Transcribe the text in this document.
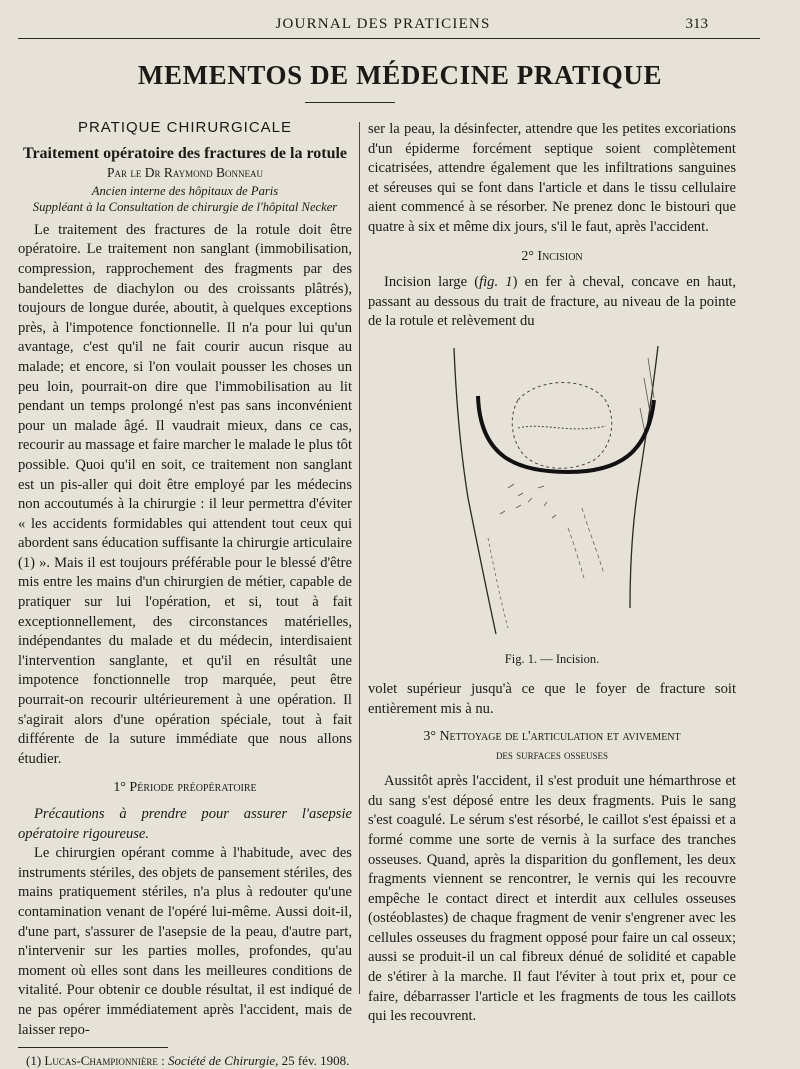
JOURNAL DES PRATICIENS	313
MEMENTOS DE MÉDECINE PRATIQUE
PRATIQUE CHIRURGICALE

Traitement opératoire des fractures de la rotule

Par le Dr Raymond Bonneau

Ancien interne des hôpitaux de Paris

Suppléant à la Consultation de chirurgie de l'hôpital Necker

Le traitement des fractures de la rotule doit être opératoire. Le traitement non sanglant (immobilisation, compression, rapprochement des fragments par des bandelettes de diachylon ou des croissants plâtrés), toujours de longue durée, aboutit, à quelques exceptions près, à l'impotence fonctionnelle. Il n'a pour lui qu'un avantage, c'est qu'il ne fait courir aucun risque au malade; et encore, si l'on voulait pousser les choses un peu loin, pourrait-on dire que l'immobilisation au lit pendant un temps prolongé n'est pas sans inconvénient pour un malade âgé. Il vaudrait mieux, dans ce cas, recourir au massage et faire marcher le malade le plus tôt possible. Quoi qu'il en soit, ce traitement non sanglant est un pis-aller qui doit être employé par les médecins non accoutumés à la chirurgie : il leur permettra d'éviter « les accidents formidables qui attendent tout ceux qui abordent sans éducation suffisante la chirurgie articulaire (1) ». Mais il est toujours préférable pour le blessé d'être mis entre les mains d'un chirurgien de métier, capable de pratiquer sur lui l'opération, et si, tout à fait exceptionnellement, des circonstances matérielles, indépendantes du malade et du médecin, interdisaient l'intervention sanglante, et qu'il en résultât une impotence fonctionnelle trop marquée, peut être pourrait-on recourir ultérieurement à une opération. Il s'agirait alors d'une opération spéciale, tout à fait différente de la suture immédiate que nous allons étudier.

1° Période préopératoire

Précautions à prendre pour assurer l'asepsie opératoire rigoureuse.

Le chirurgien opérant comme à l'habitude, avec des instruments stériles, des objets de pansement stériles, des mains pratiquement stériles, n'a plus à redouter qu'une contamination venant de l'opéré lui-même. Aussi doit-il, d'une part, s'assurer de l'asepsie de la peau, d'autre part, n'intervenir sur les parties molles, profondes, qu'au moment où elles sont dans les meilleures conditions de vitalité. Pour obtenir ce double résultat, il est indiqué de ne pas opérer immédiatement après l'accident, mais de laisser repo-

(1) Lucas-Championnière : Société de Chirurgie, 25 fév. 1908.

ser la peau, la désinfecter, attendre que les petites excoriations d'un épiderme forcément septique soient complètement cicatrisées, attendre également que les infiltrations sanguines et séreuses qui se font dans l'article et dans le tissu cellulaire aient commencé à se résorber. Ne prenez donc le bistouri que quatre à six et même dix jours, s'il le faut, après l'accident.

2° Incision

Incision large (fig. 1) en fer à cheval, concave en haut, passant au dessous du trait de fracture, au niveau de la pointe de la rotule et relèvement du

Fig. 1. — Incision.

volet supérieur jusqu'à ce que le foyer de fracture soit entièrement mis à nu.

3° Nettoyage de l'articulation et avivement
des surfaces osseuses

Aussitôt après l'accident, il s'est produit une hémarthrose et du sang s'est déposé entre les deux fragments. Puis le sang s'est coagulé. Le sérum s'est résorbé, le caillot s'est épaissi et a formé comme une sorte de vernis à la surface des tranches osseuses. Quand, après la disparition du gonflement, les deux fragments viennent se rencontrer, le vernis qui les recouvre empêche le contact direct et interdit aux cellules osseuses (ostéoblastes) de chaque fragment de venir s'engrener avec les cellules osseuses du fragment opposé pour faire un cal osseux; aussi se produit-il un cal fibreux dénué de solidité et capable de s'étirer à la marche. Il faut l'éviter à tout prix et, pour ce faire, débarrasser l'article et les fragments de tous les caillots qui les recouvrent.
